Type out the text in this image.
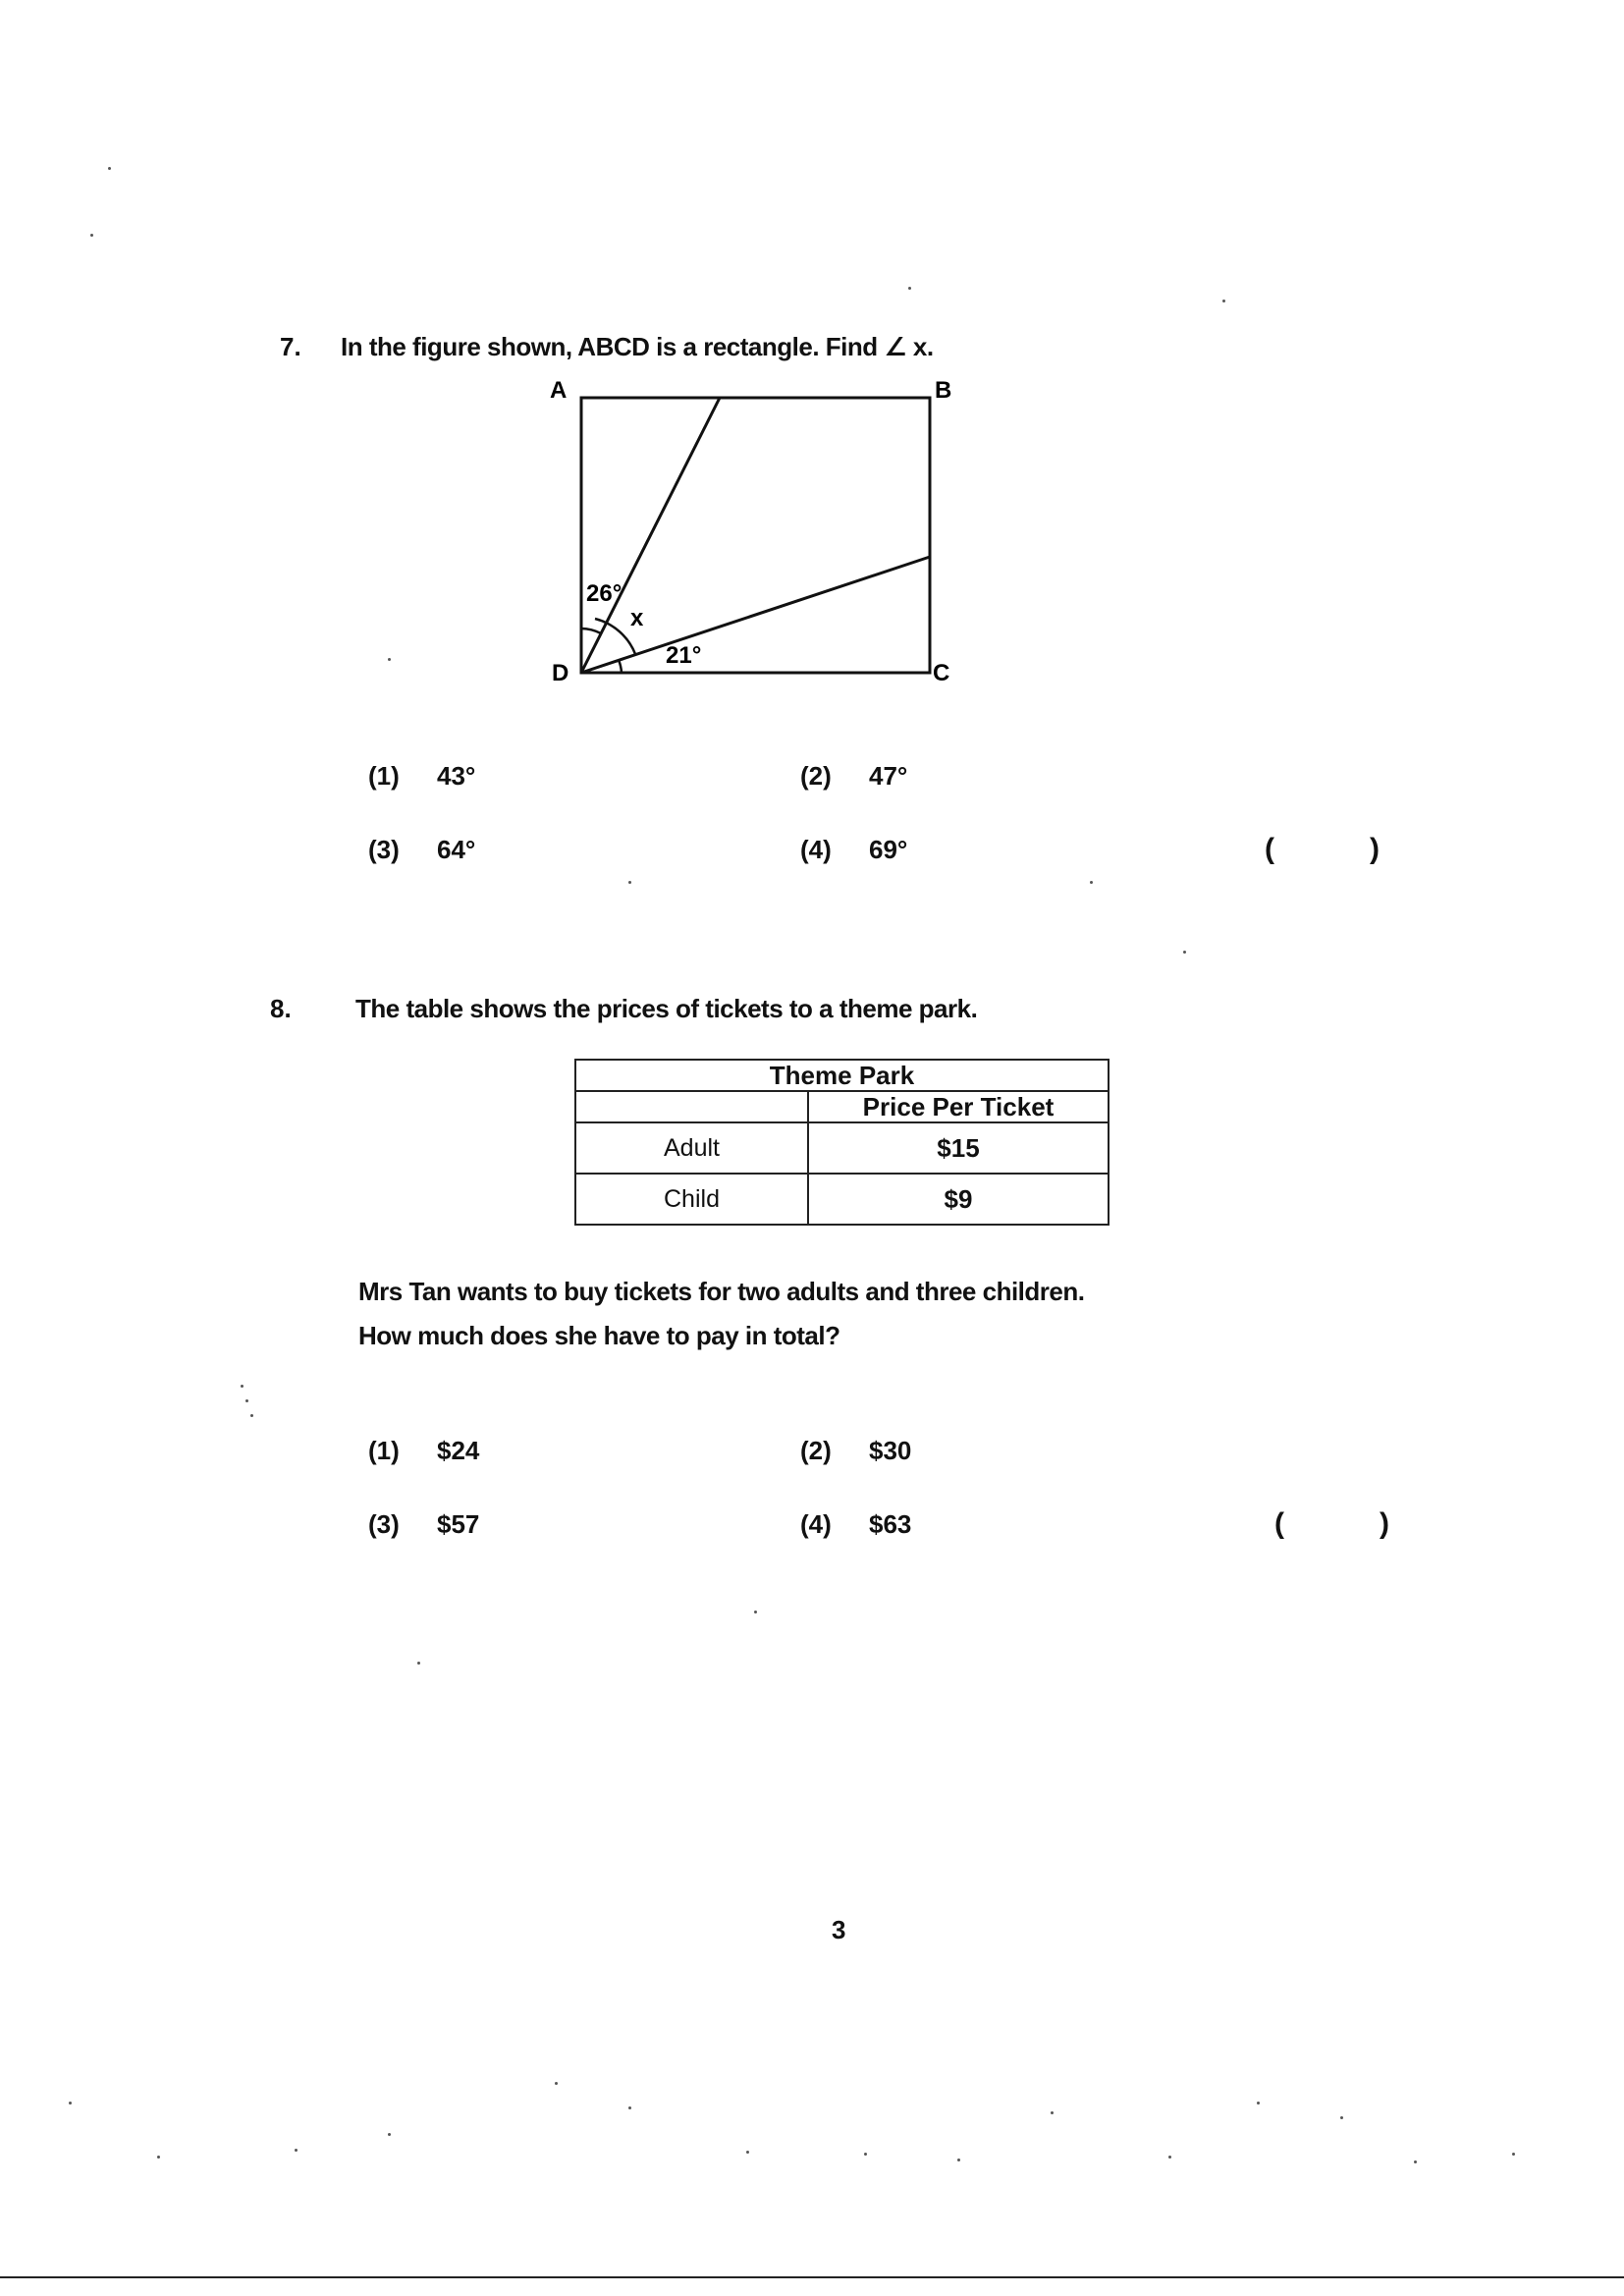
7. In the figure shown, ABCD is a rectangle. Find ∠ x.
A	B
C
D
26°
x
21°
(1) 43°	(2) 47°
(3) 64°	(4) 69°	(	)
8.	The table shows the prices of tickets to a theme park.
Theme Park	
	Price Per Ticket
Adult	$15
Child	$9
Mrs Tan wants to buy tickets for two adults and three children.
How much does she have to pay in total?
(1) $24	(2) $30
(3) $57	(4) $63	(	)
3
